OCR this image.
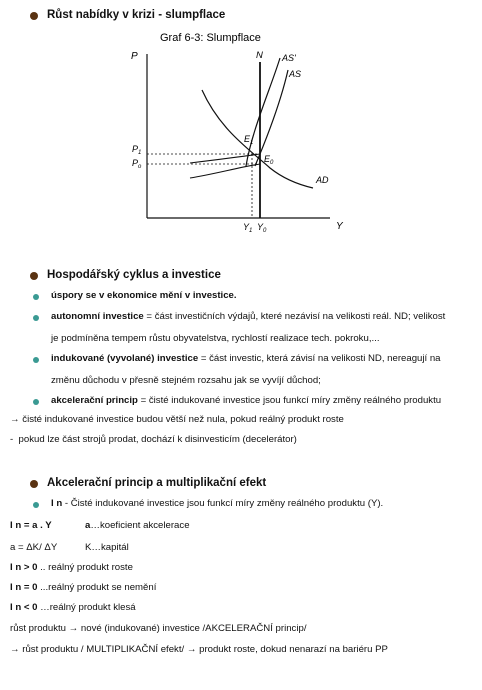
Růst nabídky v krizi - slumpflace
Graf 6-3: Slumpflace
P
Y
N AS'
AS
AD
$E_1$
$E_0$
$P_1$
$P_o$
$Y_1$ $Y_0$
Hospodářský cyklus a investice
úspory se v ekonomice mění v investice.
autonomní investice = část investičních výdajů, které nezávisí na velikosti reál. ND; velikost
je podmíněna tempem růstu obyvatelstva, rychlostí realizace tech. pokroku,...
indukované (vyvolané) investice = část investic, která závisí na velikosti ND, nereagují na
změnu důchodu v přesně stejném rozsahu jak se vyvíjí důchod;
akcelerační princip = čisté indukované investice jsou funkcí míry změny reálného produktu
→ čisté indukované investice budou větší než nula, pokud reálný produkt roste
-  pokud lze část strojů prodat, dochází k disinvesticím (decelerátor)
Akcelerační princip a multiplikační efekt
I n - Čisté indukované investice jsou funkcí míry změny reálného produktu (Y).
I n = a . Y	a…koeficient akcelerace
a = ΔK/ ΔY	K…kapitál
I n > 0 .. reálný produkt roste
I n = 0 ...reálný produkt se nemění
I n < 0 …reálný produkt klesá
růst produktu → nové (indukované) investice /AKCELERAČNÍ princip/
→ růst produktu / MULTIPLIKAČNÍ efekt/ → produkt roste, dokud nenarazí na bariéru PP
